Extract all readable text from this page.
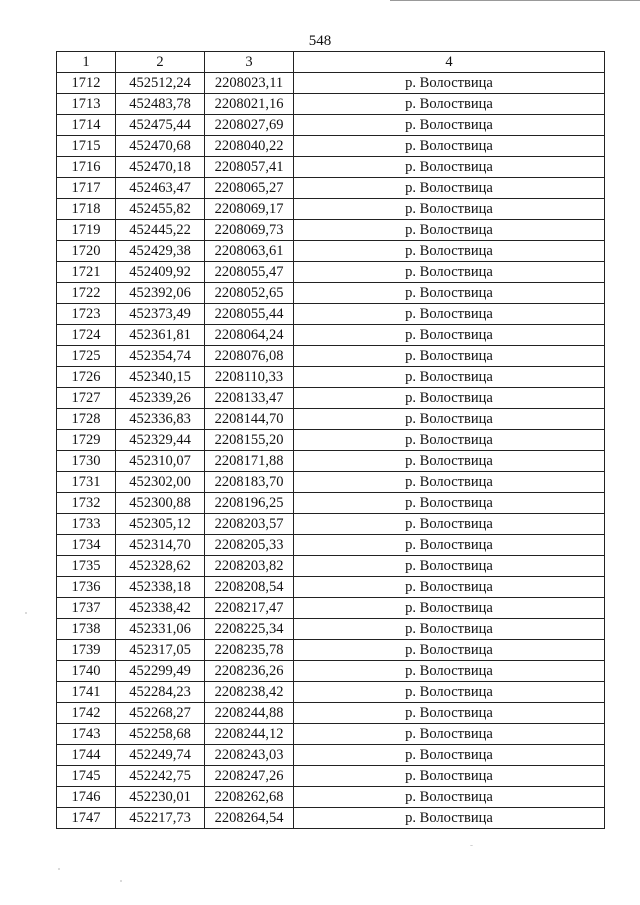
548
1	2	3	4
1712	452512,24	2208023,11	р. Волоствица
1713	452483,78	2208021,16	р. Волоствица
1714	452475,44	2208027,69	р. Волоствица
1715	452470,68	2208040,22	р. Волоствица
1716	452470,18	2208057,41	р. Волоствица
1717	452463,47	2208065,27	р. Волоствица
1718	452455,82	2208069,17	р. Волоствица
1719	452445,22	2208069,73	р. Волоствица
1720	452429,38	2208063,61	р. Волоствица
1721	452409,92	2208055,47	р. Волоствица
1722	452392,06	2208052,65	р. Волоствица
1723	452373,49	2208055,44	р. Волоствица
1724	452361,81	2208064,24	р. Волоствица
1725	452354,74	2208076,08	р. Волоствица
1726	452340,15	2208110,33	р. Волоствица
1727	452339,26	2208133,47	р. Волоствица
1728	452336,83	2208144,70	р. Волоствица
1729	452329,44	2208155,20	р. Волоствица
1730	452310,07	2208171,88	р. Волоствица
1731	452302,00	2208183,70	р. Волоствица
1732	452300,88	2208196,25	р. Волоствица
1733	452305,12	2208203,57	р. Волоствица
1734	452314,70	2208205,33	р. Волоствица
1735	452328,62	2208203,82	р. Волоствица
1736	452338,18	2208208,54	р. Волоствица
1737	452338,42	2208217,47	р. Волоствица
1738	452331,06	2208225,34	р. Волоствица
1739	452317,05	2208235,78	р. Волоствица
1740	452299,49	2208236,26	р. Волоствица
1741	452284,23	2208238,42	р. Волоствица
1742	452268,27	2208244,88	р. Волоствица
1743	452258,68	2208244,12	р. Волоствица
1744	452249,74	2208243,03	р. Волоствица
1745	452242,75	2208247,26	р. Волоствица
1746	452230,01	2208262,68	р. Волоствица
1747	452217,73	2208264,54	р. Волоствица
